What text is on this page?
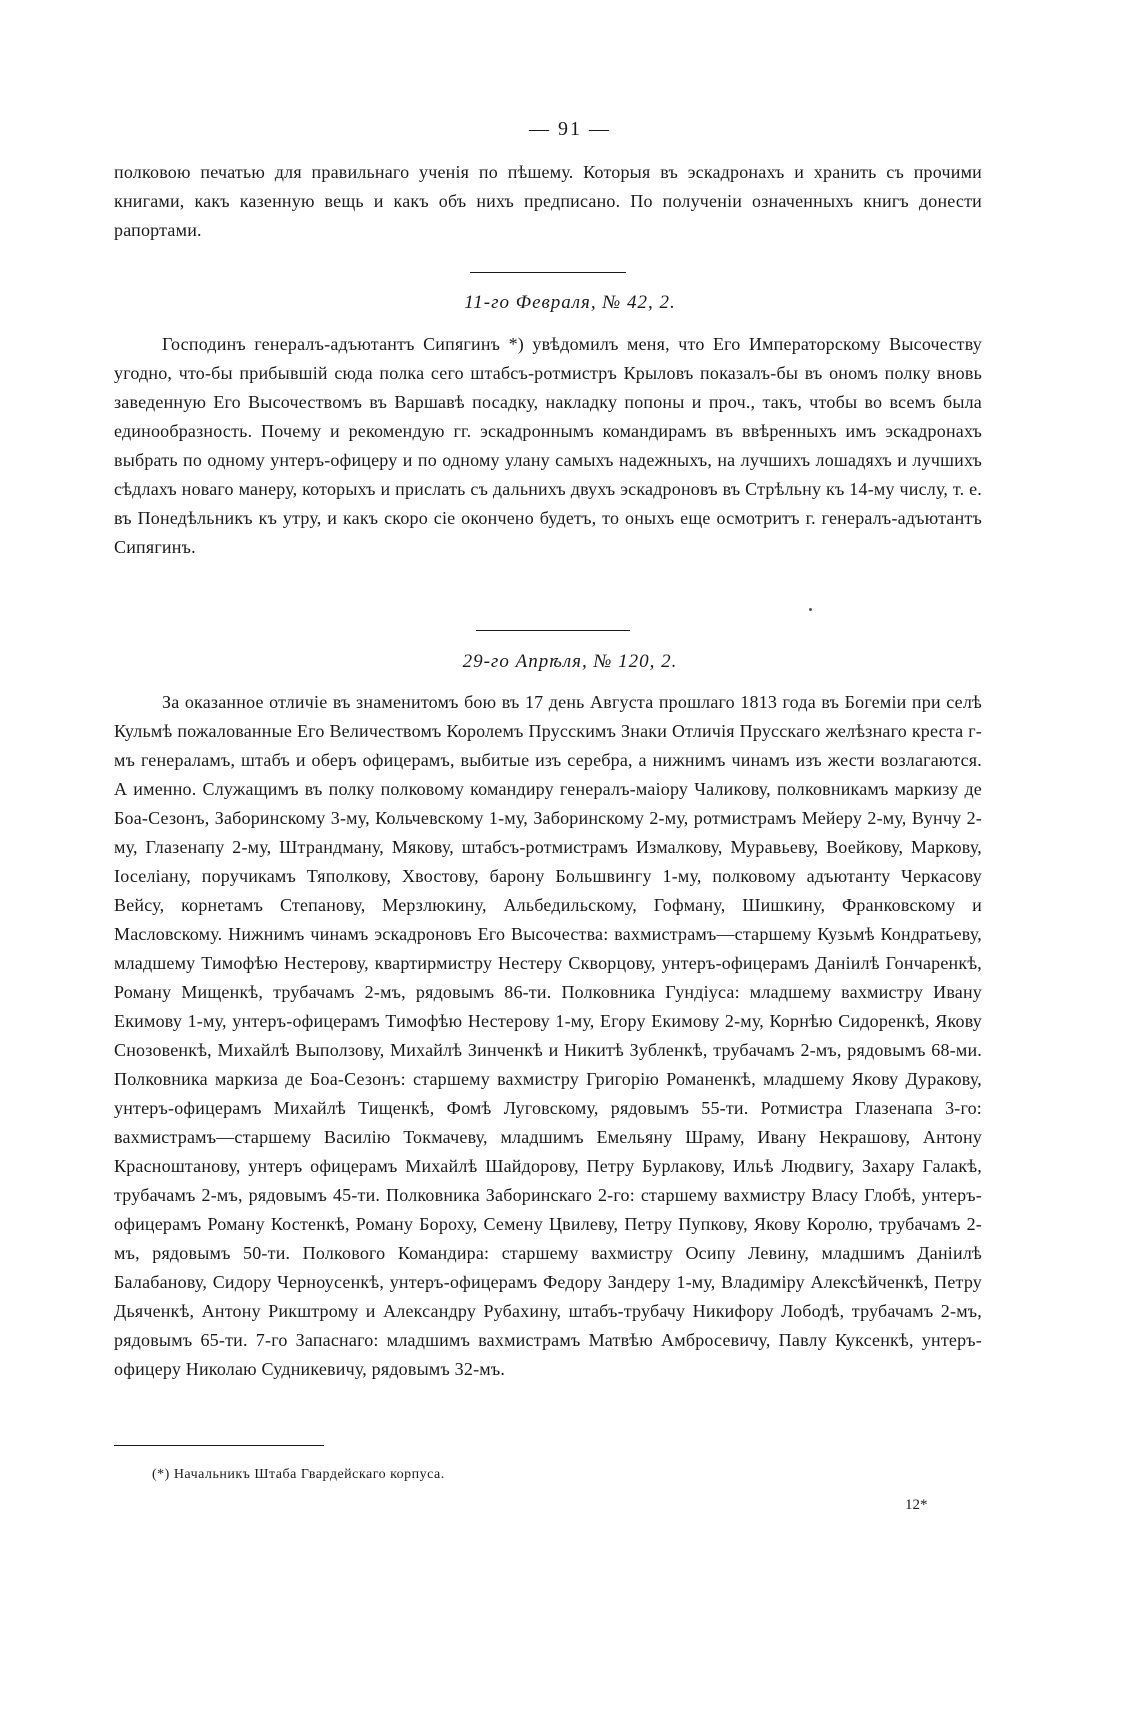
— 91 —
полковою печатью для правильнаго ученія по пѣшему. Которыя въ эскадронахъ и хранить съ прочими книгами, какъ казенную вещь и какъ объ нихъ предписано. По полученіи означенныхъ книгъ донести рапортами.
11-го Февраля, № 42, 2.
Господинъ генералъ-адъютантъ Сипягинъ *) увѣдомилъ меня, что Его Императорскому Высочеству угодно, что-бы прибывшій сюда полка сего штабсъ-ротмистръ Крыловъ показалъ-бы въ ономъ полку вновь заведенную Его Высочествомъ въ Варшавѣ посадку, накладку попоны и проч., такъ, чтобы во всемъ была единообразность. Почему и рекомендую гг. эскадроннымъ командирамъ въ ввѣренныхъ имъ эскадронахъ выбрать по одному унтеръ-офицеру и по одному улану самыхъ надежныхъ, на лучшихъ лошадяхъ и лучшихъ сѣдлахъ новаго манеру, которыхъ и прислать съ дальнихъ двухъ эскадроновъ въ Стрѣльну къ 14-му числу, т. е. въ Понедѣльникъ къ утру, и какъ скоро сіе окончено будетъ, то оныхъ еще осмотритъ г. генералъ-адъютантъ Сипягинъ.
29-го Апрѣля, № 120, 2.
За оказанное отличіе въ знаменитомъ бою въ 17 день Августа прошлаго 1813 года въ Богеміи при селѣ Кульмѣ пожалованные Его Величествомъ Королемъ Прусскимъ Знаки Отличія Прусскаго желѣзнаго креста г-мъ генераламъ, штабъ и оберъ офицерамъ, выбитые изъ серебра, а нижнимъ чинамъ изъ жести возлагаются. А именно. Служащимъ въ полку полковому командиру генералъ-маіору Чаликову, полковникамъ маркизу де Боа-Сезонъ, Заборинскому 3-му, Кольчевскому 1-му, Заборинскому 2-му, ротмистрамъ Мейеру 2-му, Вунчу 2-му, Глазенапу 2-му, Штрандману, Мякову, штабсъ-ротмистрамъ Измалкову, Муравьеву, Воейкову, Маркову, Іоселіану, поручикамъ Тяполкову, Хвостову, барону Большвингу 1-му, полковому адъютанту Черкасову Вейсу, корнетамъ Степанову, Мерзлюкину, Альбедильскому, Гофману, Шишкину, Франковскому и Масловскому. Нижнимъ чинамъ эскадроновъ Его Высочества: вахмистрамъ—старшему Кузьмѣ Кондратьеву, младшему Тимофѣю Нестерову, квартирмистру Нестеру Скворцову, унтеръ-офицерамъ Даніилѣ Гончаренкѣ, Роману Мищенкѣ, трубачамъ 2-мъ, рядовымъ 86-ти. Полковника Гундіуса: младшему вахмистру Ивану Екимову 1-му, унтеръ-офицерамъ Тимофѣю Нестерову 1-му, Егору Екимову 2-му, Корнѣю Сидоренкѣ, Якову Снозовенкѣ, Михайлѣ Выползову, Михайлѣ Зинченкѣ и Никитѣ Зубленкѣ, трубачамъ 2-мъ, рядовымъ 68-ми. Полковника маркиза де Боа-Сезонъ: старшему вахмистру Григорію Романенкѣ, младшему Якову Дуракову, унтеръ-офицерамъ Михайлѣ Тищенкѣ, Фомѣ Луговскому, рядовымъ 55-ти. Ротмистра Глазенапа 3-го: вахмистрамъ—старшему Василію Токмачеву, младшимъ Емельяну Шраму, Ивану Некрашову, Антону Красноштанову, унтеръ офицерамъ Михайлѣ Шайдорову, Петру Бурлакову, Ильѣ Людвигу, Захару Галакѣ, трубачамъ 2-мъ, рядовымъ 45-ти. Полковника Заборинскаго 2-го: старшему вахмистру Власу Глобѣ, унтеръ-офицерамъ Роману Костенкѣ, Роману Бороху, Семену Цвилеву, Петру Пупкову, Якову Королю, трубачамъ 2-мъ, рядовымъ 50-ти. Полкового Командира: старшему вахмистру Осипу Левину, младшимъ Даніилѣ Балабанову, Сидору Черноусенкѣ, унтеръ-офицерамъ Федору Зандеру 1-му, Владиміру Алексѣйченкѣ, Петру Дьяченкѣ, Антону Рикштрому и Александру Рубахину, штабъ-трубачу Никифору Лободѣ, трубачамъ 2-мъ, рядовымъ 65-ти. 7-го Запаснаго: младшимъ вахмистрамъ Матвѣю Амбросевичу, Павлу Куксенкѣ, унтеръ-офицеру Николаю Судникевичу, рядовымъ 32-мъ.
(*) Начальникъ Штаба Гвардейскаго корпуса.
12*
